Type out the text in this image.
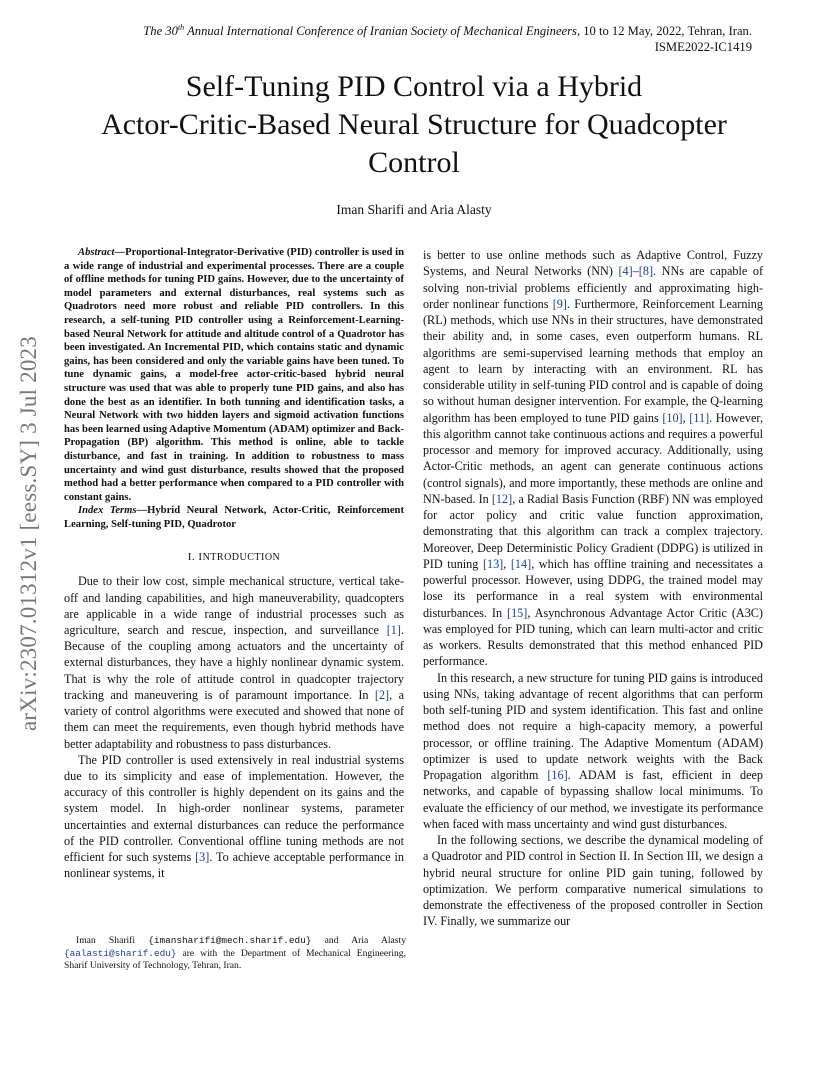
The 30th Annual International Conference of Iranian Society of Mechanical Engineers, 10 to 12 May, 2022, Tehran, Iran.
ISME2022-IC1419
arXiv:2307.01312v1 [eess.SY] 3 Jul 2023
Self-Tuning PID Control via a Hybrid
Actor-Critic-Based Neural Structure for Quadcopter
Control
Iman Sharifi and Aria Alasty

Abstract—Proportional-Integrator-Derivative (PID) controller is used in a wide range of industrial and experimental processes. There are a couple of offline methods for tuning PID gains. However, due to the uncertainty of model parameters and external disturbances, real systems such as Quadrotors need more robust and reliable PID controllers. In this research, a self-tuning PID controller using a Reinforcement-Learning-based Neural Network for attitude and altitude control of a Quadrotor has been investigated. An Incremental PID, which contains static and dynamic gains, has been considered and only the variable gains have been tuned. To tune dynamic gains, a model-free actor-critic-based hybrid neural structure was used that was able to properly tune PID gains, and also has done the best as an identifier. In both tunning and identification tasks, a Neural Network with two hidden layers and sigmoid activation functions has been learned using Adaptive Momentum (ADAM) optimizer and Back-Propagation (BP) algorithm. This method is online, able to tackle disturbance, and fast in training. In addition to robustness to mass uncertainty and wind gust disturbance, results showed that the proposed method had a better performance when compared to a PID controller with constant gains.

Index Terms—Hybrid Neural Network, Actor-Critic, Reinforcement Learning, Self-tuning PID, Quadrotor

I. INTRODUCTION

Due to their low cost, simple mechanical structure, vertical take-off and landing capabilities, and high maneuverability, quadcopters are applicable in a wide range of industrial processes such as agriculture, search and rescue, inspection, and surveillance [1]. Because of the coupling among actuators and the uncertainty of external disturbances, they have a highly nonlinear dynamic system. That is why the role of attitude control in quadcopter trajectory tracking and maneuvering is of paramount importance. In [2], a variety of control algorithms were executed and showed that none of them can meet the requirements, even though hybrid methods have better adaptability and robustness to pass disturbances.

The PID controller is used extensively in real industrial systems due to its simplicity and ease of implementation. However, the accuracy of this controller is highly dependent on its gains and the system model. In high-order nonlinear systems, parameter uncertainties and external disturbances can reduce the performance of the PID controller. Conventional offline tuning methods are not efficient for such systems [3]. To achieve acceptable performance in nonlinear systems, it

Iman Sharifi {imansharifi@mech.sharif.edu} and Aria Alasty {aalasti@sharif.edu} are with the Department of Mechanical Engineering, Sharif University of Technology, Tehran, Iran.

is better to use online methods such as Adaptive Control, Fuzzy Systems, and Neural Networks (NN) [4]–[8]. NNs are capable of solving non-trivial problems efficiently and approximating high-order nonlinear functions [9]. Furthermore, Reinforcement Learning (RL) methods, which use NNs in their structures, have demonstrated their ability and, in some cases, even outperform humans. RL algorithms are semi-supervised learning methods that employ an agent to learn by interacting with an environment. RL has considerable utility in self-tuning PID control and is capable of doing so without human designer intervention. For example, the Q-learning algorithm has been employed to tune PID gains [10], [11]. However, this algorithm cannot take continuous actions and requires a powerful processor and memory for improved accuracy. Additionally, using Actor-Critic methods, an agent can generate continuous actions (control signals), and more importantly, these methods are online and NN-based. In [12], a Radial Basis Function (RBF) NN was employed for actor policy and critic value function approximation, demonstrating that this algorithm can track a complex trajectory. Moreover, Deep Deterministic Policy Gradient (DDPG) is utilized in PID tuning [13], [14], which has offline training and necessitates a powerful processor. However, using DDPG, the trained model may lose its performance in a real system with environmental disturbances. In [15], Asynchronous Advantage Actor Critic (A3C) was employed for PID tuning, which can learn multi-actor and critic as workers. Results demonstrated that this method enhanced PID performance.

In this research, a new structure for tuning PID gains is introduced using NNs, taking advantage of recent algorithms that can perform both self-tuning PID and system identification. This fast and online method does not require a high-capacity memory, a powerful processor, or offline training. The Adaptive Momentum (ADAM) optimizer is used to update network weights with the Back Propagation algorithm [16]. ADAM is fast, efficient in deep networks, and capable of bypassing shallow local minimums. To evaluate the efficiency of our method, we investigate its performance when faced with mass uncertainty and wind gust disturbances.

In the following sections, we describe the dynamical modeling of a Quadrotor and PID control in Section II. In Section III, we design a hybrid neural structure for online PID gain tuning, followed by optimization. We perform comparative numerical simulations to demonstrate the effectiveness of the proposed controller in Section IV. Finally, we summarize our
